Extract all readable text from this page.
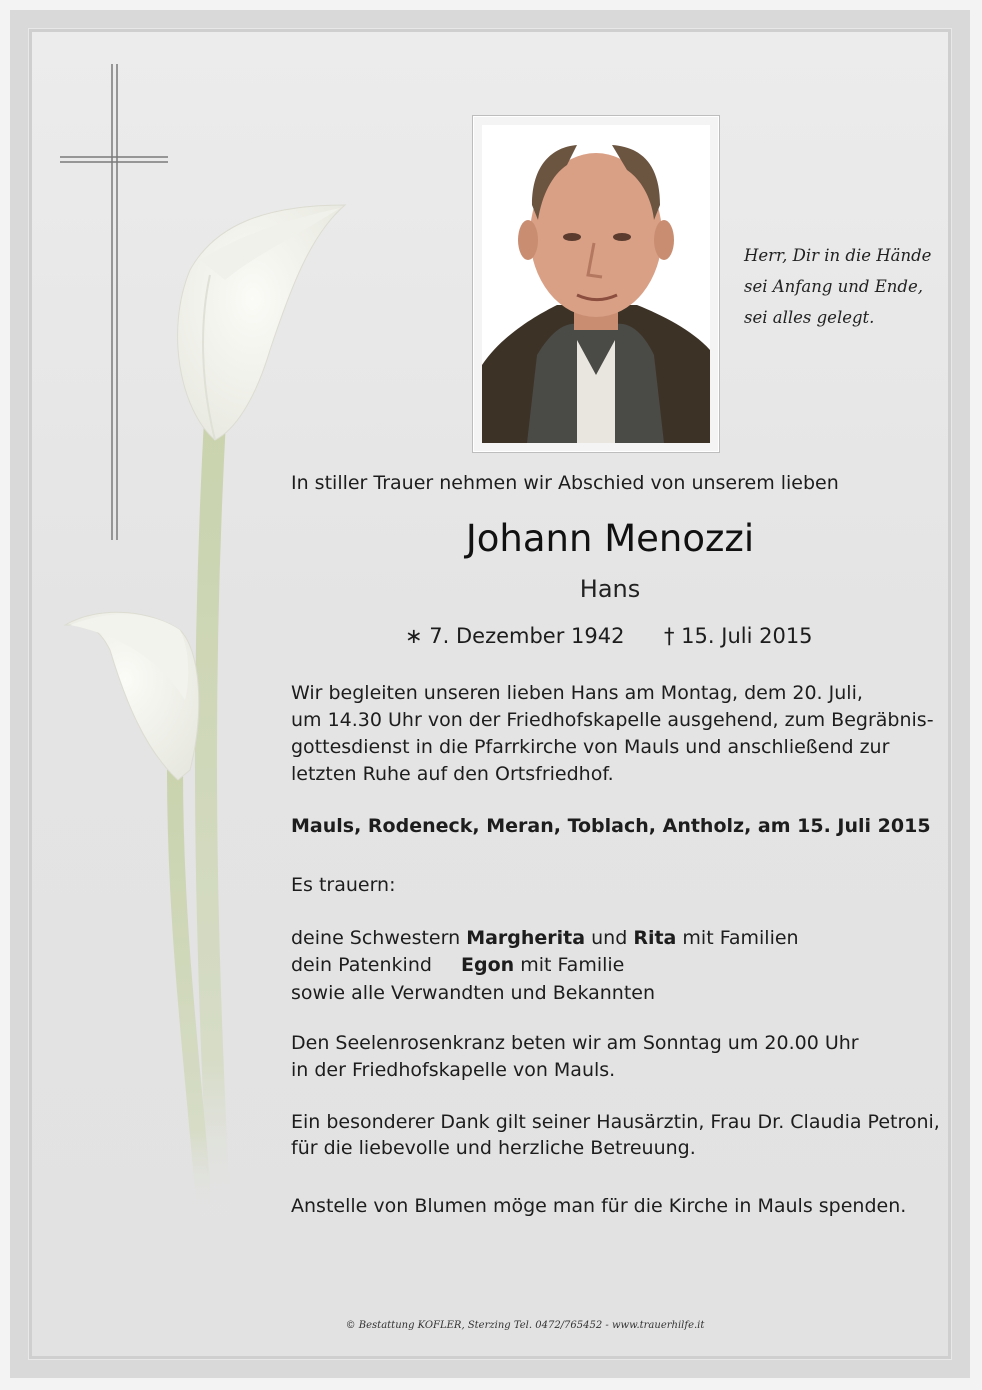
Herr, Dir in die Hände
sei Anfang und Ende,
sei alles gelegt.
In stiller Trauer nehmen wir Abschied von unserem lieben
Johann Menozzi
Hans
∗ 7. Dezember 1942 † 15. Juli 2015
Wir begleiten unseren lieben Hans am Montag, dem 20. Juli,
um 14.30 Uhr von der Friedhofskapelle ausgehend, zum Begräbnis-
gottesdienst in die Pfarrkirche von Mauls und anschließend zur
letzten Ruhe auf den Ortsfriedhof.
Mauls, Rodeneck, Meran, Toblach, Antholz, am 15. Juli 2015
Es trauern:
deine Schwestern Margherita und Rita mit Familien
dein Patenkind Egon mit Familie
sowie alle Verwandten und Bekannten
Den Seelenrosenkranz beten wir am Sonntag um 20.00 Uhr
in der Friedhofskapelle von Mauls.
Ein besonderer Dank gilt seiner Hausärztin, Frau Dr. Claudia Petroni,
für die liebevolle und herzliche Betreuung.
Anstelle von Blumen möge man für die Kirche in Mauls spenden.
© Bestattung KOFLER, Sterzing Tel. 0472/765452 - www.trauerhilfe.it
